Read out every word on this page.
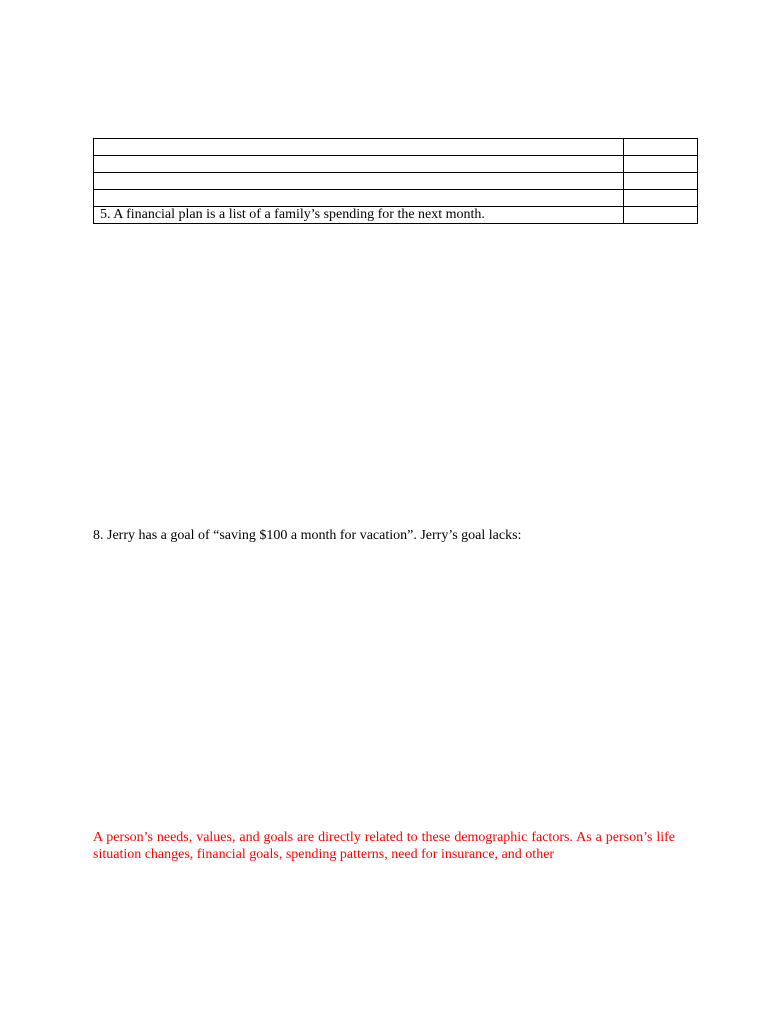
5. A financial plan is a list of a family’s spending for the next month.	

8. Jerry has a goal of “saving $100 a month for vacation”. Jerry’s goal lacks:

A person’s needs, values, and goals are directly related to these demographic factors. As a person’s life situation changes, financial goals, spending patterns, need for insurance, and other
